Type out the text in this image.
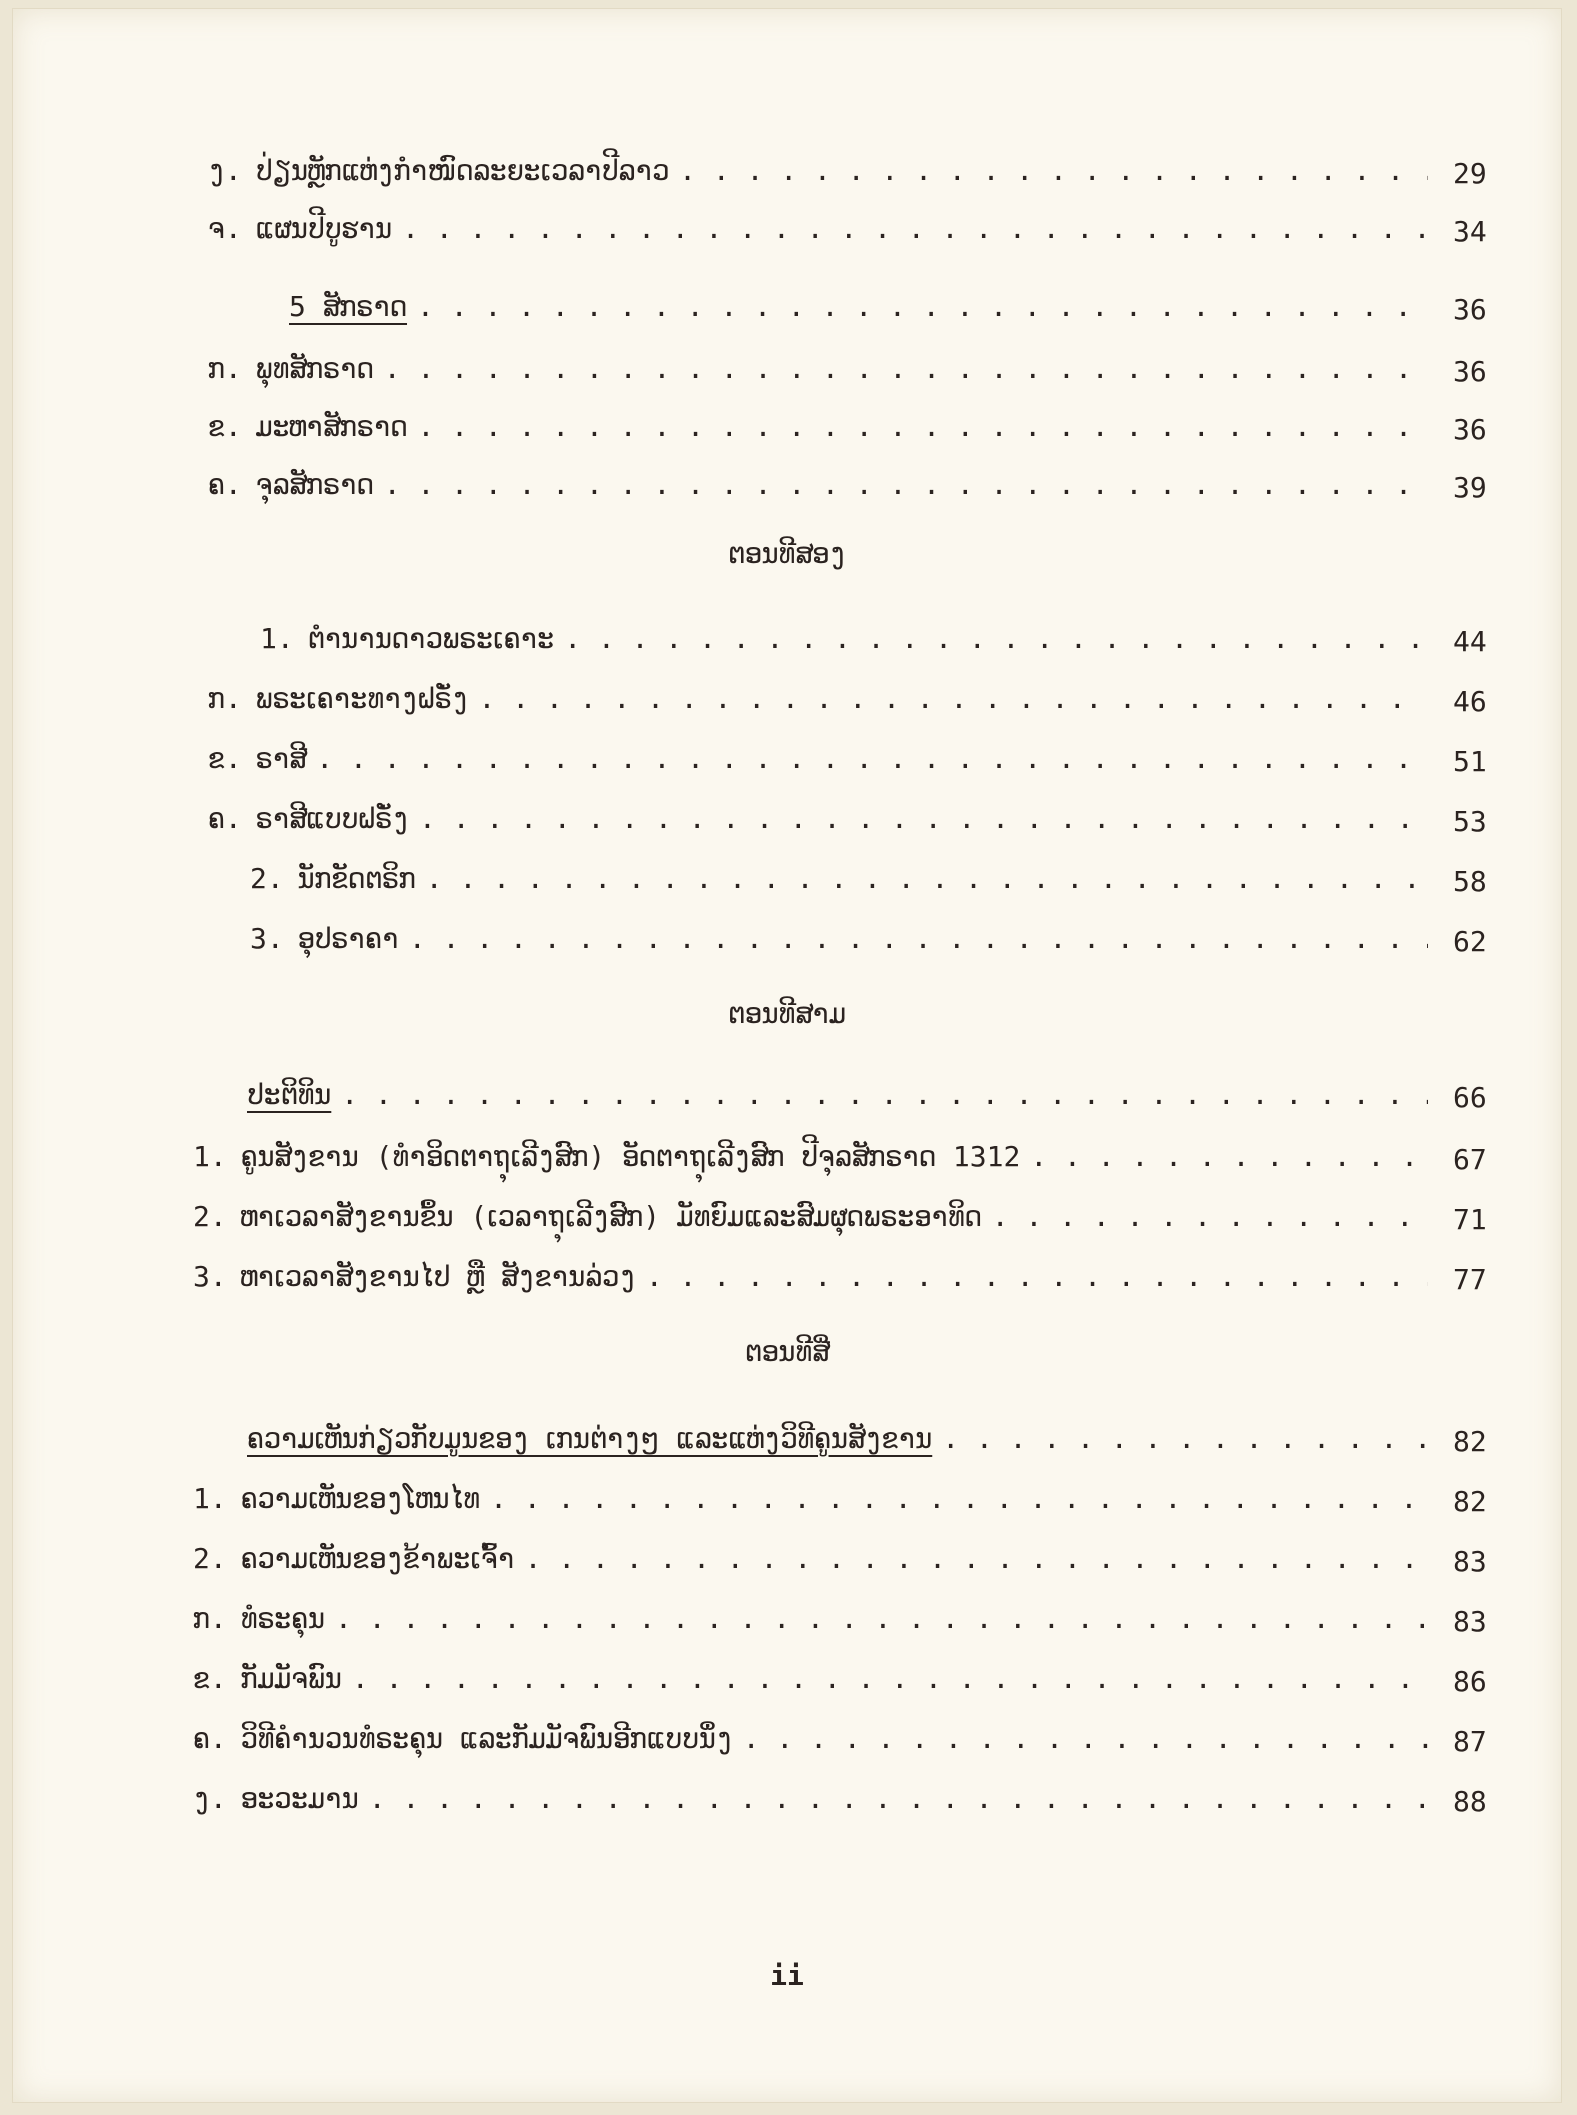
ງ. ປ່ຽນຫຼັກແຫ່ງກຳໜົດລະຍະເວລາປີລາວ . . .	29
ຈ. ແຜນປີບູຮານ . . .	34
5 ສັກຣາດ . . .	36
ກ. ພຸທສັກຣາດ . . .	36
ຂ. ມະຫາສັກຣາດ . . .	36
ຄ. ຈຸລສັກຣາດ . . .	39
ຕອນທີສອງ
1. ຕຳນານດາວພຣະເຄາະ . . .	44
ກ. ພຣະເຄາະທາງຝຣັ່ງ . . .	46
ຂ. ຣາສີ . . .	51
ຄ. ຣາສີແບບຝຣັ່ງ . . .	53
2. ນັກຂັດຕຣິກ . . .	58
3. ອຸປຣາຄາ . . .	62
ຕອນທີສາມ
ປະຕິທິນ . . .	66
1. ຄູນສັງຂານ (ທຳອິດຕາຖຸເລີງສົກ) ອັດຕາຖຸເລີງສົກ ປີຈຸລສັກຣາດ 1312 . . .	67
2. ຫາເວລາສັງຂານຂຶ້ນ (ເວລາຖຸເລີງສົກ) ມັທຍົມແລະສົມຜຸດພຣະອາທິດ . . .	71
3. ຫາເວລາສັງຂານໄປ ຫຼື ສັງຂານລ່ວງ . . .	77
ຕອນທີສີ່
ຄວາມເຫັນກ່ຽວກັບມູນຂອງ ເກນຕ່າງໆ ແລະແຫ່ງວິທີຄູນສັງຂານ . . .	82
1. ຄວາມເຫັນຂອງໂຫນໄທ . . .	82
2. ຄວາມເຫັນຂອງຂ້າພະເຈົ້າ . . .	83
ກ. ທໍຣະຄຸນ . . .	83
ຂ. ກັມມັຈພົນ . . .	86
ຄ. ວິທີຄຳນວນທໍຣະຄຸນ ແລະກັມມັຈພົນອີກແບບນຶ່ງ . . .	87
ງ. ອະວະມານ . . .	88
ii
